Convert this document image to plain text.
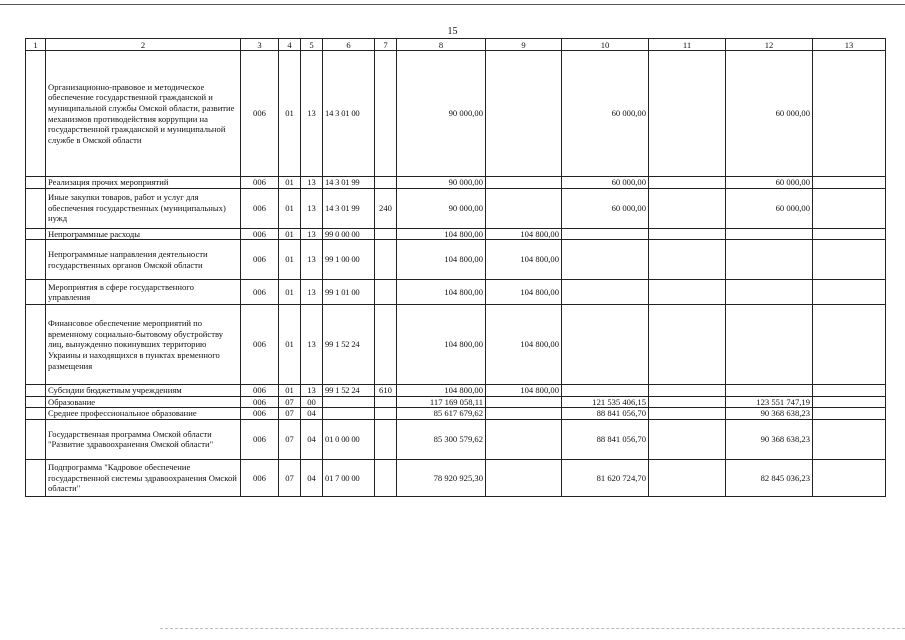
15
1	2	3	4	5	6	7	8	9	10	11	12	13
	Организационно-правовое и методическое обеспечение государственной гражданской и муниципальной службы Омской области, развитие механизмов противодействия коррупции на государственной гражданской и муниципальной службе в Омской области	006	01	13	14 3 01 00		90 000,00		60 000,00		60 000,00	
	Реализация прочих мероприятий	006	01	13	14 3 01 99		90 000,00		60 000,00		60 000,00	
	Иные закупки товаров, работ и услуг для обеспечения государственных (муниципальных) нужд	006	01	13	14 3 01 99	240	90 000,00		60 000,00		60 000,00	
	Непрограммные расходы	006	01	13	99 0 00 00		104 800,00	104 800,00				
	Непрограммные направления деятельности государственных органов Омской области	006	01	13	99 1 00 00		104 800,00	104 800,00				
	Мероприятия в сфере государственного управления	006	01	13	99 1 01 00		104 800,00	104 800,00				
	Финансовое обеспечение мероприятий по временному социально-бытовому обустройству лиц, вынужденно покинувших территорию Украины и находящихся в пунктах временного размещения	006	01	13	99 1 52 24		104 800,00	104 800,00				
	Субсидии бюджетным учреждениям	006	01	13	99 1 52 24	610	104 800,00	104 800,00				
	Образование	006	07	00			117 169 058,11		121 535 406,15		123 551 747,19	
	Среднее профессиональное образование	006	07	04			85 617 679,62		88 841 056,70		90 368 638,23	
	Государственная программа Омской области "Развитие здравоохранения Омской области"	006	07	04	01 0 00 00		85 300 579,62		88 841 056,70		90 368 638,23	
	Подпрограмма "Кадровое обеспечение государственной системы здравоохранения Омской области"	006	07	04	01 7 00 00		78 920 925,30		81 620 724,70		82 845 036,23	
